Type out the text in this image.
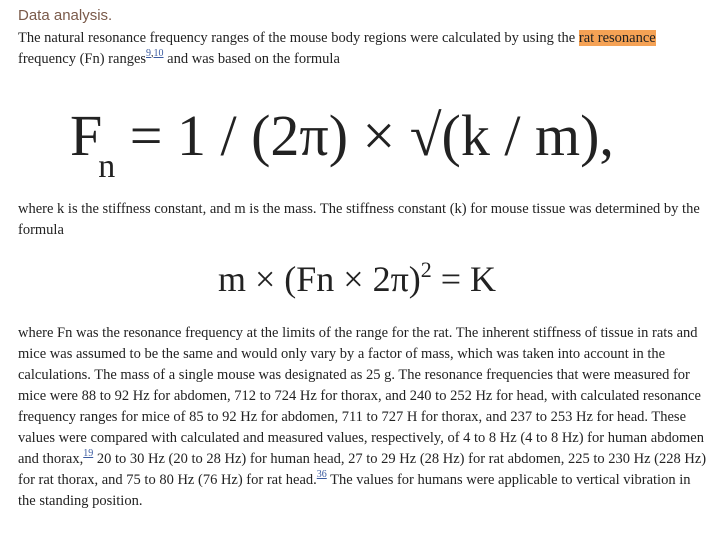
Data analysis.

The natural resonance frequency ranges of the mouse body regions were calculated by using the rat resonance frequency (Fn) ranges$^{9,10}$ and was based on the formula

$F_n = 1 / (2\pi) \times √(k / m)$,

where k is the stiffness constant, and m is the mass. The stiffness constant (k) for mouse tissue was determined by the formula

$m \times (Fn \times 2\pi)^2 = K$

where Fn was the resonance frequency at the limits of the range for the rat. The inherent stiffness of tissue in rats and mice was assumed to be the same and would only vary by a factor of mass, which was taken into account in the calculations. The mass of a single mouse was designated as 25 g. The resonance frequencies that were measured for mice were 88 to 92 Hz for abdomen, 712 to 724 Hz for thorax, and 240 to 252 Hz for head, with calculated resonance frequency ranges for mice of 85 to 92 Hz for abdomen, 711 to 727 H for thorax, and 237 to 253 Hz for head. These values were compared with calculated and measured values, respectively, of 4 to 8 Hz (4 to 8 Hz) for human abdomen and thorax,$^{19}$ 20 to 30 Hz (20 to 28 Hz) for human head, 27 to 29 Hz (28 Hz) for rat abdomen, 225 to 230 Hz (228 Hz) for rat thorax, and 75 to 80 Hz (76 Hz) for rat head.$^{36}$ The values for humans were applicable to vertical vibration in the standing position.
